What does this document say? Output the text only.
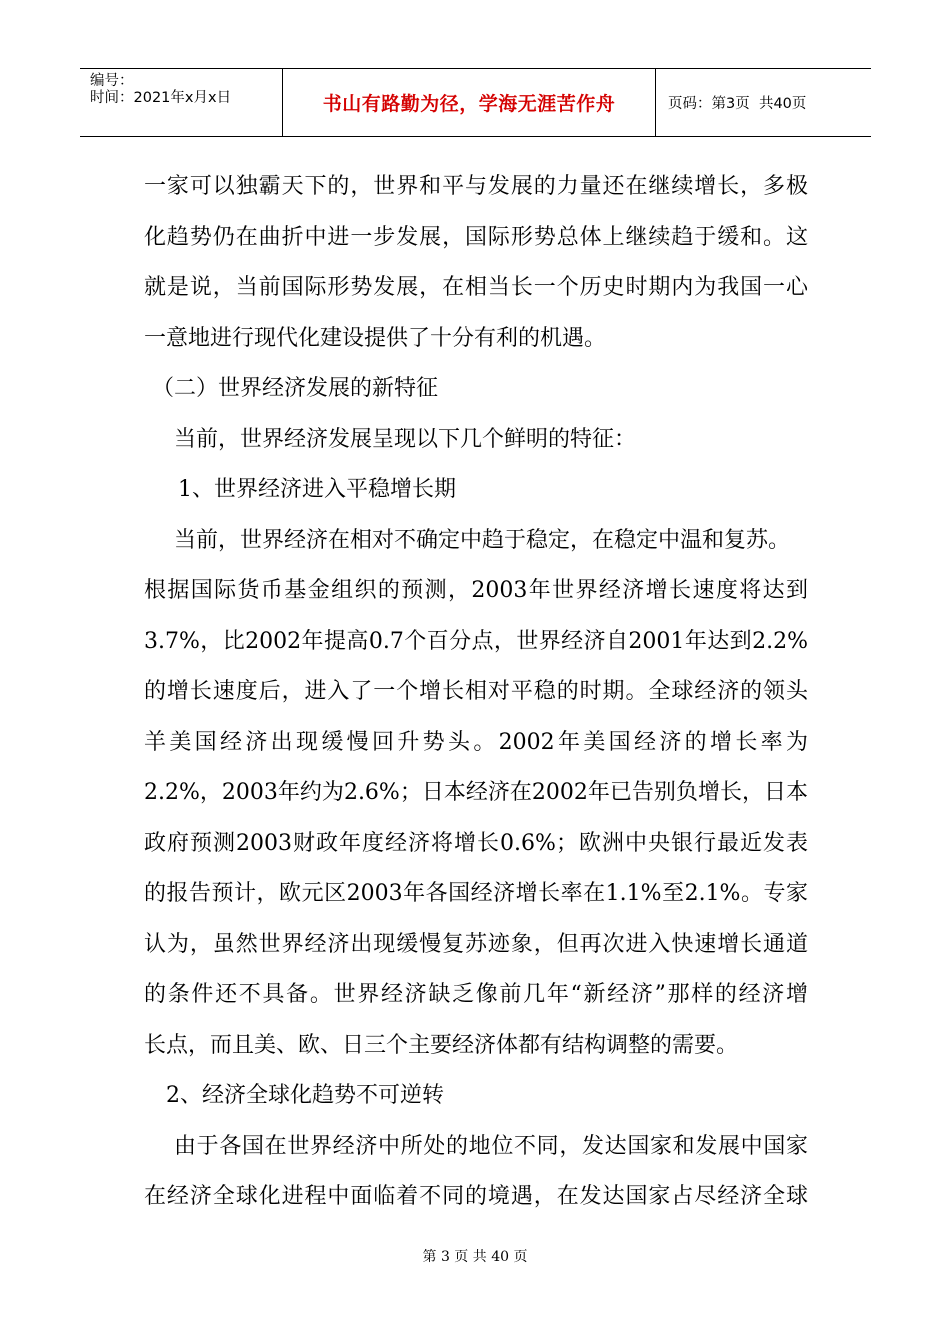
编号：
时间：2021年x月x日	书山有路勤为径，学海无涯苦作舟	页码：第3页  共40页
一家可以独霸天下的，世界和平与发展的力量还在继续增长，多极
化趋势仍在曲折中进一步发展，国际形势总体上继续趋于缓和。这
就是说，当前国际形势发展，在相当长一个历史时期内为我国一心
一意地进行现代化建设提供了十分有利的机遇。
（二）世界经济发展的新特征
当前，世界经济发展呈现以下几个鲜明的特征：
1、世界经济进入平稳增长期
当前，世界经济在相对不确定中趋于稳定，在稳定中温和复苏。
根据国际货币基金组织的预测，2003年世界经济增长速度将达到
3.7%，比2002年提高0.7个百分点，世界经济自2001年达到2.2%
的增长速度后，进入了一个增长相对平稳的时期。全球经济的领头
羊美国经济出现缓慢回升势头。2002年美国经济的增长率为
2.2%，2003年约为2.6%；日本经济在2002年已告别负增长，日本
政府预测2003财政年度经济将增长0.6%；欧洲中央银行最近发表
的报告预计，欧元区2003年各国经济增长率在1.1%至2.1%。专家
认为，虽然世界经济出现缓慢复苏迹象，但再次进入快速增长通道
的条件还不具备。世界经济缺乏像前几年“新经济”那样的经济增
长点，而且美、欧、日三个主要经济体都有结构调整的需要。
2、经济全球化趋势不可逆转
由于各国在世界经济中所处的地位不同，发达国家和发展中国家
在经济全球化进程中面临着不同的境遇，在发达国家占尽经济全球
第 3 页 共 40 页
